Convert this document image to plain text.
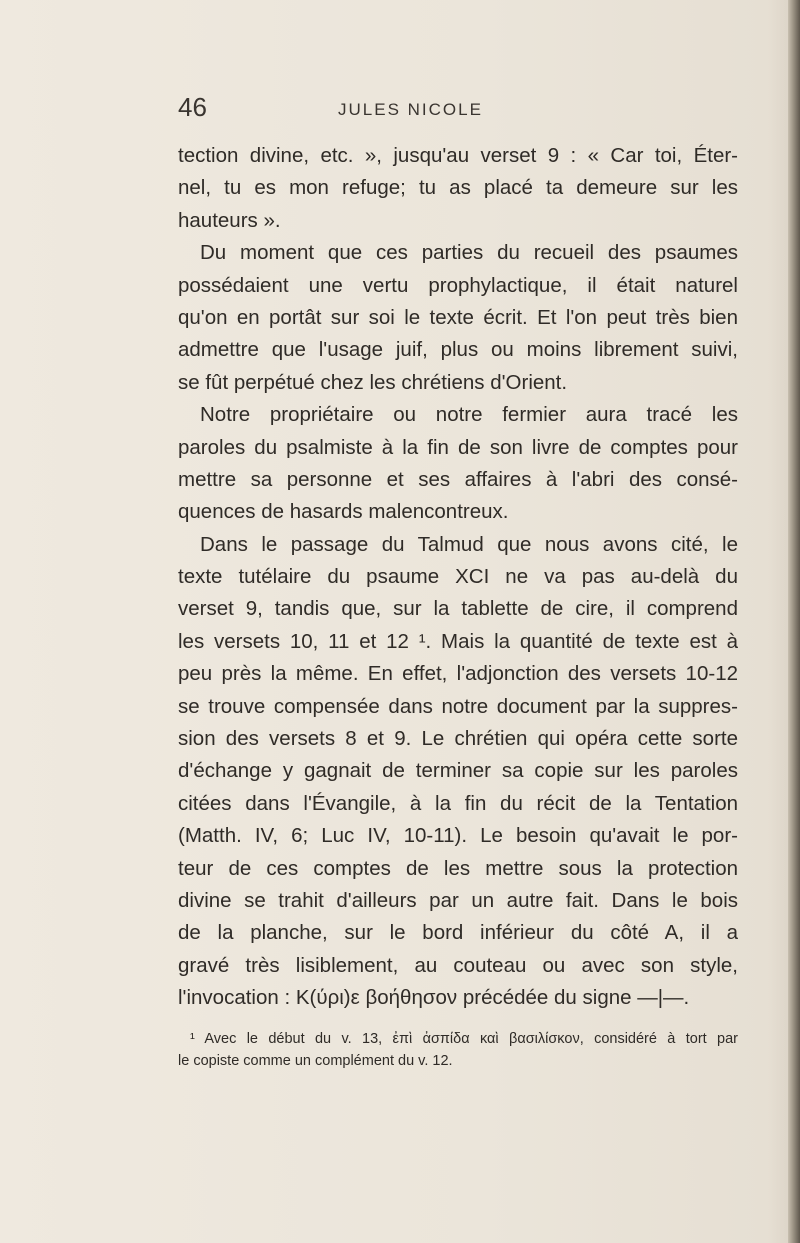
46	JULES NICOLE
tection divine, etc. », jusqu'au verset 9 : « Car toi, Éter-
nel, tu es mon refuge; tu as placé ta demeure sur les
hauteurs ».
Du moment que ces parties du recueil des psaumes
possédaient une vertu prophylactique, il était naturel
qu'on en portât sur soi le texte écrit. Et l'on peut très bien
admettre que l'usage juif, plus ou moins librement suivi,
se fût perpétué chez les chrétiens d'Orient.
Notre propriétaire ou notre fermier aura tracé les
paroles du psalmiste à la fin de son livre de comptes pour
mettre sa personne et ses affaires à l'abri des consé-
quences de hasards malencontreux.
Dans le passage du Talmud que nous avons cité, le
texte tutélaire du psaume XCI ne va pas au-delà du
verset 9, tandis que, sur la tablette de cire, il comprend
les versets 10, 11 et 12 ¹. Mais la quantité de texte est à
peu près la même. En effet, l'adjonction des versets 10-12
se trouve compensée dans notre document par la suppres-
sion des versets 8 et 9. Le chrétien qui opéra cette sorte
d'échange y gagnait de terminer sa copie sur les paroles
citées dans l'Évangile, à la fin du récit de la Tentation
(Matth. IV, 6; Luc IV, 10-11). Le besoin qu'avait le por-
teur de ces comptes de les mettre sous la protection
divine se trahit d'ailleurs par un autre fait. Dans le bois
de la planche, sur le bord inférieur du côté A, il a
gravé très lisiblement, au couteau ou avec son style,
l'invocation : Κ(ύρι)ε βοήθησον précédée du signe —|—.
¹ Avec le début du v. 13, ἐπὶ ἀσπίδα καὶ βασιλίσκον, considéré à tort par
le copiste comme un complément du v. 12.
